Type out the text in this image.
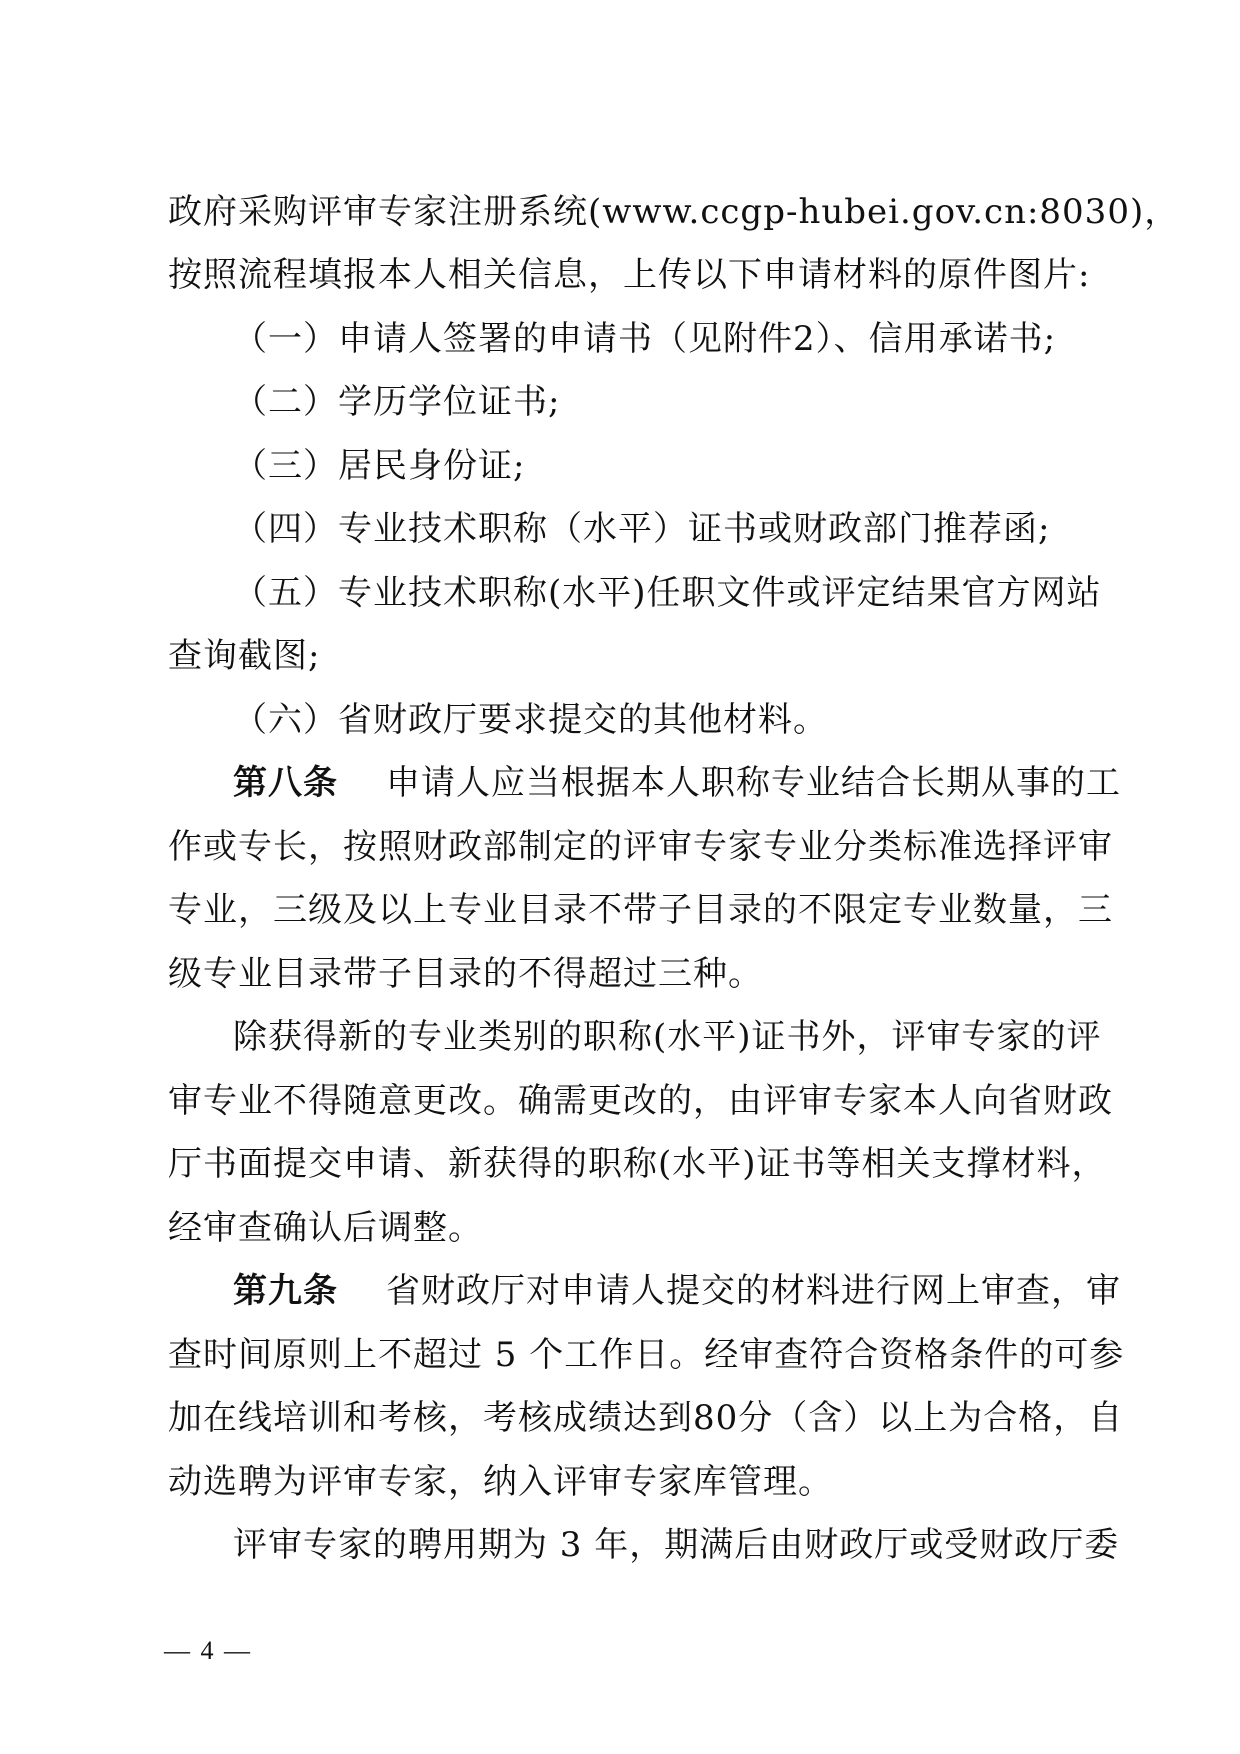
政府采购评审专家注册系统(www.ccgp-hubei.gov.cn:8030)，
按照流程填报本人相关信息，上传以下申请材料的原件图片:
（一）申请人签署的申请书（见附件2）、信用承诺书;
（二）学历学位证书;
（三）居民身份证;
（四）专业技术职称（水平）证书或财政部门推荐函;
（五）专业技术职称(水平)任职文件或评定结果官方网站
查询截图;
（六）省财政厅要求提交的其他材料。
第八条 申请人应当根据本人职称专业结合长期从事的工
作或专长，按照财政部制定的评审专家专业分类标准选择评审
专业，三级及以上专业目录不带子目录的不限定专业数量，三
级专业目录带子目录的不得超过三种。
除获得新的专业类别的职称(水平)证书外，评审专家的评
审专业不得随意更改。确需更改的，由评审专家本人向省财政
厅书面提交申请、新获得的职称(水平)证书等相关支撑材料，
经审查确认后调整。
第九条 省财政厅对申请人提交的材料进行网上审查，审
查时间原则上不超过 5 个工作日。经审查符合资格条件的可参
加在线培训和考核，考核成绩达到80分（含）以上为合格，自
动选聘为评审专家，纳入评审专家库管理。
评审专家的聘用期为 3 年，期满后由财政厅或受财政厅委
— 4 —
